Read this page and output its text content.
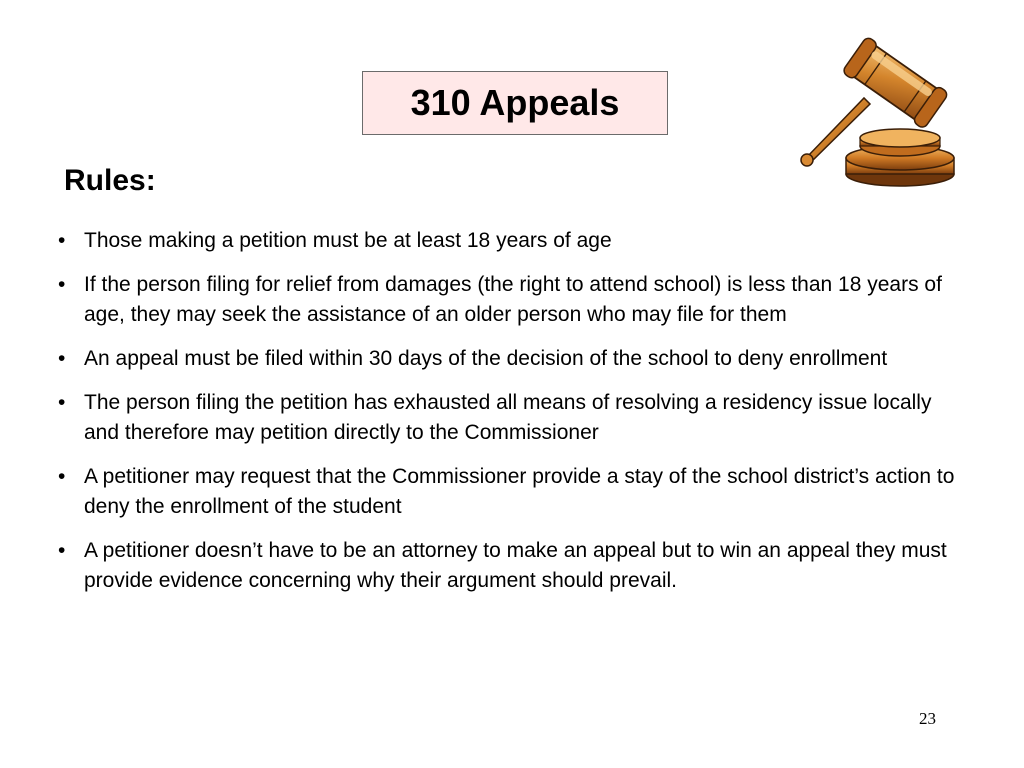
310 Appeals
Rules:
• Those making a petition must be at least 18 years of age
• If the person filing for relief from damages (the right to attend school) is less than 18 years of age, they may seek the assistance of an older person who may file for them
• An appeal must be filed within 30 days of the decision of the school to deny enrollment
• The person filing the petition has exhausted all means of resolving a residency issue locally and therefore may petition directly to the Commissioner
• A petitioner may request that the Commissioner provide a stay of the school district’s action to deny the enrollment of the student
• A petitioner doesn’t have to be an attorney to make an appeal but to win an appeal they must provide evidence concerning why their argument should prevail.
23
